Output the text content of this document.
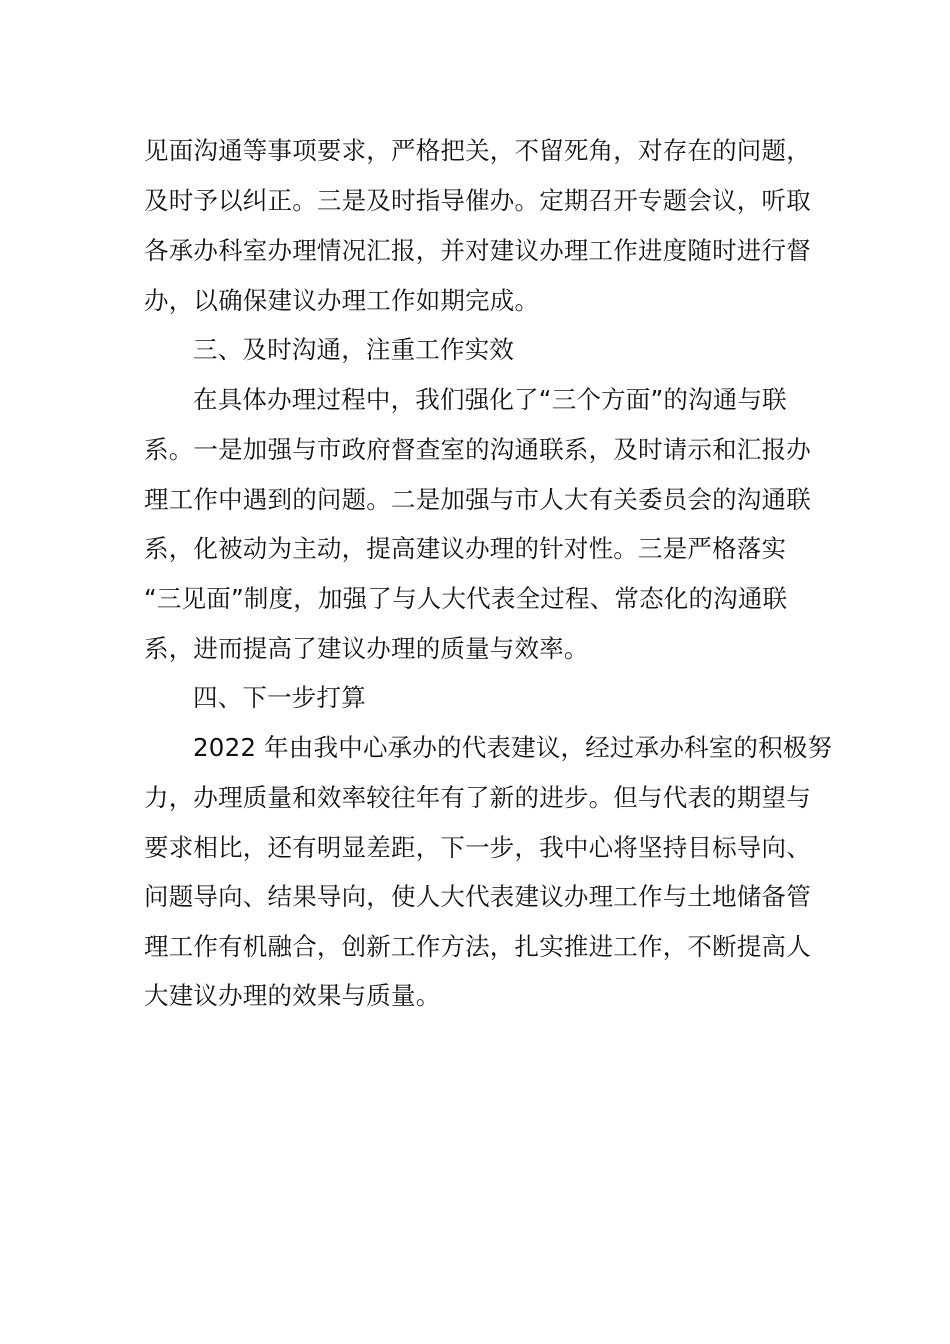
见面沟通等事项要求，严格把关，不留死角，对存在的问题，
及时予以纠正。三是及时指导催办。定期召开专题会议，听取
各承办科室办理情况汇报，并对建议办理工作进度随时进行督
办，以确保建议办理工作如期完成。
三、及时沟通，注重工作实效
在具体办理过程中，我们强化了“三个方面”的沟通与联
系。一是加强与市政府督查室的沟通联系，及时请示和汇报办
理工作中遇到的问题。二是加强与市人大有关委员会的沟通联
系，化被动为主动，提高建议办理的针对性。三是严格落实
“三见面”制度，加强了与人大代表全过程、常态化的沟通联
系，进而提高了建议办理的质量与效率。
四、下一步打算
2022 年由我中心承办的代表建议，经过承办科室的积极努
力，办理质量和效率较往年有了新的进步。但与代表的期望与
要求相比，还有明显差距，下一步，我中心将坚持目标导向、
问题导向、结果导向，使人大代表建议办理工作与土地储备管
理工作有机融合，创新工作方法，扎实推进工作，不断提高人
大建议办理的效果与质量。
